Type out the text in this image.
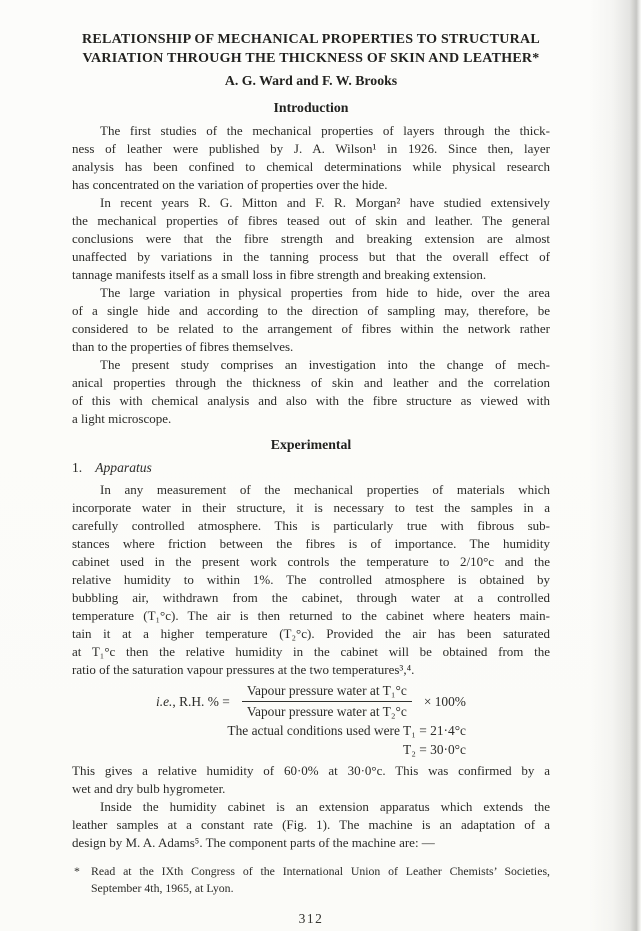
RELATIONSHIP OF MECHANICAL PROPERTIES TO STRUCTURAL
VARIATION THROUGH THE THICKNESS OF SKIN AND LEATHER*
A. G. Ward and F. W. Brooks
Introduction
The first studies of the mechanical properties of layers through the thick-
ness of leather were published by J. A. Wilson¹ in 1926. Since then, layer
analysis has been confined to chemical determinations while physical research
has concentrated on the variation of properties over the hide.
In recent years R. G. Mitton and F. R. Morgan² have studied extensively
the mechanical properties of fibres teased out of skin and leather. The general
conclusions were that the fibre strength and breaking extension are almost
unaffected by variations in the tanning process but that the overall effect of
tannage manifests itself as a small loss in fibre strength and breaking extension.
The large variation in physical properties from hide to hide, over the area
of a single hide and according to the direction of sampling may, therefore, be
considered to be related to the arrangement of fibres within the network rather
than to the properties of fibres themselves.
The present study comprises an investigation into the change of mech-
anical properties through the thickness of skin and leather and the correlation
of this with chemical analysis and also with the fibre structure as viewed with
a light microscope.
Experimental
1. Apparatus
In any measurement of the mechanical properties of materials which
incorporate water in their structure, it is necessary to test the samples in a
carefully controlled atmosphere. This is particularly true with fibrous sub-
stances where friction between the fibres is of importance. The humidity
cabinet used in the present work controls the temperature to 2/10°c and the
relative humidity to within 1%. The controlled atmosphere is obtained by
bubbling air, withdrawn from the cabinet, through water at a controlled
temperature (T₁°c). The air is then returned to the cabinet where heaters main-
tain it at a higher temperature (T₂°c). Provided the air has been saturated
at T₁°c then the relative humidity in the cabinet will be obtained from the
ratio of the saturation vapour pressures at the two temperatures³,⁴.
i.e., R.H. % = $\frac{\text{Vapour pressure water at T₁°c}}{\text{Vapour pressure water at T₂°c}} \times 100\%$
The actual conditions used were T₁ = 21·4°c
T₂ = 30·0°c
This gives a relative humidity of 60·0% at 30·0°c. This was confirmed by a
wet and dry bulb hygrometer.
Inside the humidity cabinet is an extension apparatus which extends the
leather samples at a constant rate (Fig. 1). The machine is an adaptation of a
design by M. A. Adams⁵. The component parts of the machine are: —
* Read at the IXth Congress of the International Union of Leather Chemists’ Societies,
September 4th, 1965, at Lyon.
312
